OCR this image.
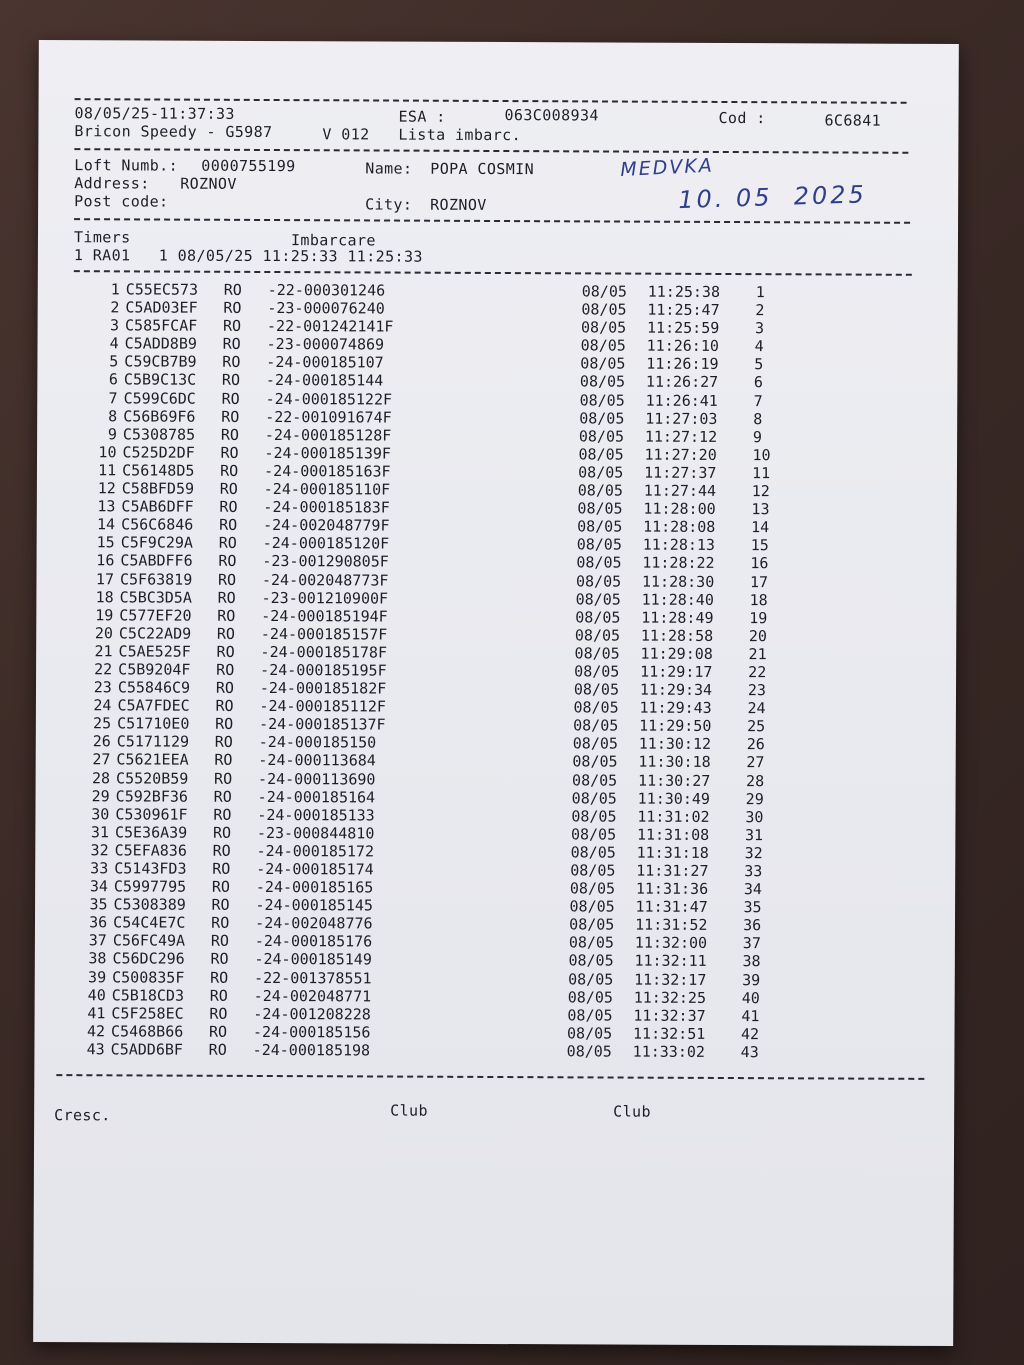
08/05/25-11:37:33	ESA :	063C008934	Cod :	6C6841
Bricon Speedy - G5987	V 012 Lista imbarc.
Loft Numb.: 0000755199	Name: POPA COSMIN
Address: ROZNOV
Post code:	City: ROZNOV
MEDVKA
10. 05  2025
Timers	Imbarcare
1 RA01   1 08/05/25 11:25:33 11:25:33
1 C55EC573 RO -22-000301246	08/05 11:25:38 1
2 C5AD03EF RO -23-000076240	08/05 11:25:47 2
3 C585FCAF RO -22-001242141F	08/05 11:25:59 3
4 C5ADD8B9 RO -23-000074869	08/05 11:26:10 4
5 C59CB7B9 RO -24-000185107	08/05 11:26:19 5
6 C5B9C13C RO -24-000185144	08/05 11:26:27 6
7 C599C6DC RO -24-000185122F	08/05 11:26:41 7
8 C56B69F6 RO -22-001091674F	08/05 11:27:03 8
9 C5308785 RO -24-000185128F	08/05 11:27:12 9
10 C525D2DF RO -24-000185139F	08/05 11:27:20 10
11 C56148D5 RO -24-000185163F	08/05 11:27:37 11
12 C58BFD59 RO -24-000185110F	08/05 11:27:44 12
13 C5AB6DFF RO -24-000185183F	08/05 11:28:00 13
14 C56C6846 RO -24-002048779F	08/05 11:28:08 14
15 C5F9C29A RO -24-000185120F	08/05 11:28:13 15
16 C5ABDFF6 RO -23-001290805F	08/05 11:28:22 16
17 C5F63819 RO -24-002048773F	08/05 11:28:30 17
18 C5BC3D5A RO -23-001210900F	08/05 11:28:40 18
19 C577EF20 RO -24-000185194F	08/05 11:28:49 19
20 C5C22AD9 RO -24-000185157F	08/05 11:28:58 20
21 C5AE525F RO -24-000185178F	08/05 11:29:08 21
22 C5B9204F RO -24-000185195F	08/05 11:29:17 22
23 C55846C9 RO -24-000185182F	08/05 11:29:34 23
24 C5A7FDEC RO -24-000185112F	08/05 11:29:43 24
25 C51710E0 RO -24-000185137F	08/05 11:29:50 25
26 C5171129 RO -24-000185150	08/05 11:30:12 26
27 C5621EEA RO -24-000113684	08/05 11:30:18 27
28 C5520B59 RO -24-000113690	08/05 11:30:27 28
29 C592BF36 RO -24-000185164	08/05 11:30:49 29
30 C530961F RO -24-000185133	08/05 11:31:02 30
31 C5E36A39 RO -23-000844810	08/05 11:31:08 31
32 C5EFA836 RO -24-000185172	08/05 11:31:18 32
33 C5143FD3 RO -24-000185174	08/05 11:31:27 33
34 C5997795 RO -24-000185165	08/05 11:31:36 34
35 C5308389 RO -24-000185145	08/05 11:31:47 35
36 C54C4E7C RO -24-002048776	08/05 11:31:52 36
37 C56FC49A RO -24-000185176	08/05 11:32:00 37
38 C56DC296 RO -24-000185149	08/05 11:32:11 38
39 C500835F RO -22-001378551	08/05 11:32:17 39
40 C5B18CD3 RO -24-002048771	08/05 11:32:25 40
41 C5F258EC RO -24-001208228	08/05 11:32:37 41
42 C5468B66 RO -24-000185156	08/05 11:32:51 42
43 C5ADD6BF RO -24-000185198	08/05 11:33:02 43
Cresc.	Club	Club
